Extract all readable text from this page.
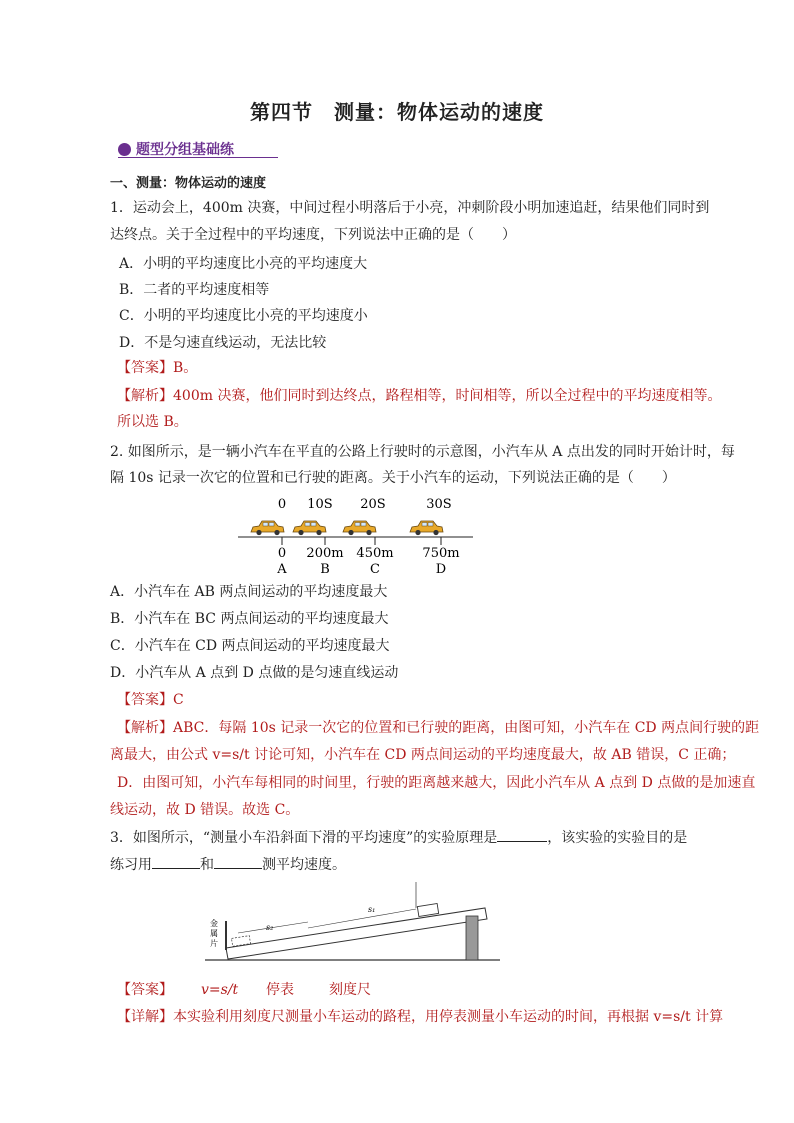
第四节　测量：物体运动的速度
题型分组基础练
一、测量：物体运动的速度
1．运动会上，400m 决赛，中间过程小明落后于小亮，冲刺阶段小明加速追赶，结果他们同时到
达终点。关于全过程中的平均速度，下列说法中正确的是（　　）
A．小明的平均速度比小亮的平均速度大
B．二者的平均速度相等
C．小明的平均速度比小亮的平均速度小
D．不是匀速直线运动，无法比较
【答案】B。
【解析】400m 决赛，他们同时到达终点，路程相等，时间相等，所以全过程中的平均速度相等。
所以选 B。
2. 如图所示，是一辆小汽车在平直的公路上行驶时的示意图，小汽车从 A 点出发的同时开始计时，每
隔 10s 记录一次它的位置和已行驶的距离。关于小汽车的运动，下列说法正确的是（　　）
0 10S 20S	30S
0 200m 450m 750m
A	B	C	D
A．小汽车在 AB 两点间运动的平均速度最大
B．小汽车在 BC 两点间运动的平均速度最大
C．小汽车在 CD 两点间运动的平均速度最大
D．小汽车从 A 点到 D 点做的是匀速直线运动
【答案】C
【解析】ABC．每隔 10s 记录一次它的位置和已行驶的距离，由图可知，小汽车在 CD 两点间行驶的距
离最大，由公式 v=s/t 讨论可知，小汽车在 CD 两点间运动的平均速度最大，故 AB 错误，C 正确；
D．由图可知，小汽车每相同的时间里，行驶的距离越来越大，因此小汽车从 A 点到 D 点做的是加速直
线运动，故 D 错误。故选 C。
3．如图所示，“测量小车沿斜面下滑的平均速度”的实验原理是	，该实验的实验目的是
练习用	和	测平均速度。
金
属
片
s₁
s₂
【答案】 v=s/t 停表	刻度尺
【详解】本实验利用刻度尺测量小车运动的路程，用停表测量小车运动的时间，再根据 v=s/t 计算
